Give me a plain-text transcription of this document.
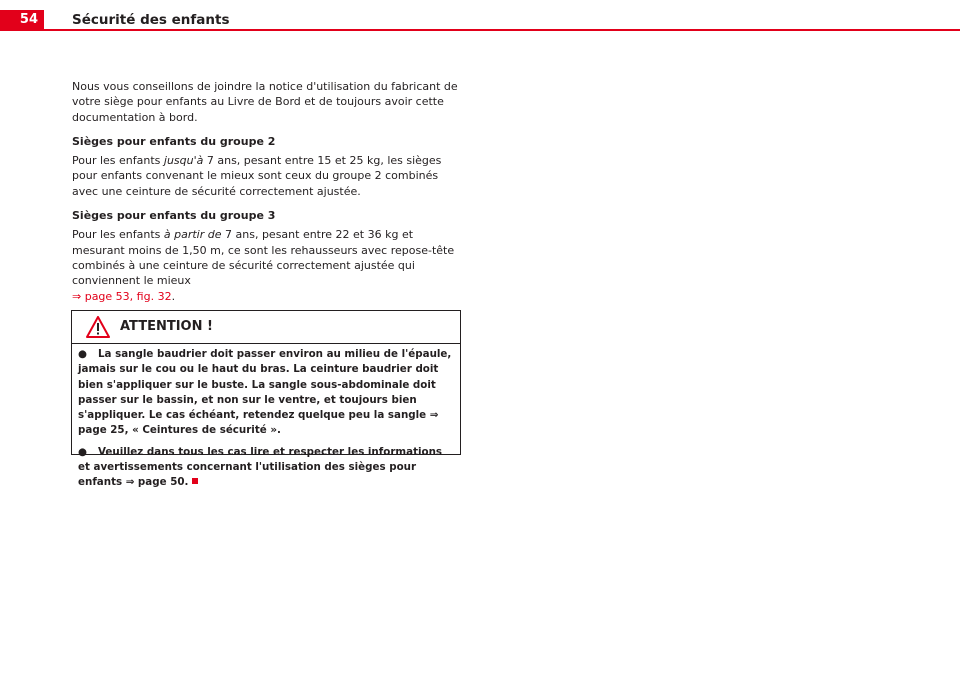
54	Sécurité des enfants

Nous vous conseillons de joindre la notice d'utilisation du fabricant de votre siège pour enfants au Livre de Bord et de toujours avoir cette documentation à bord.

Sièges pour enfants du groupe 2

Pour les enfants jusqu'à 7 ans, pesant entre 15 et 25 kg, les sièges pour enfants convenant le mieux sont ceux du groupe 2 combinés avec une ceinture de sécurité correctement ajustée.

Sièges pour enfants du groupe 3

Pour les enfants à partir de 7 ans, pesant entre 22 et 36 kg et mesurant moins de 1,50 m, ce sont les rehausseurs avec repose-tête combinés à une ceinture de sécurité correctement ajustée qui conviennent le mieux
⇒ page 53, fig. 32.

ATTENTION !

● La sangle baudrier doit passer environ au milieu de l'épaule, jamais sur le cou ou le haut du bras. La ceinture baudrier doit bien s'appliquer sur le buste. La sangle sous-abdominale doit passer sur le bassin, et non sur le ventre, et toujours bien s'appliquer. Le cas échéant, retendez quelque peu la sangle ⇒ page 25, « Ceintures de sécurité ».

● Veuillez dans tous les cas lire et respecter les informations et avertissements concernant l'utilisation des sièges pour enfants ⇒ page 50.
